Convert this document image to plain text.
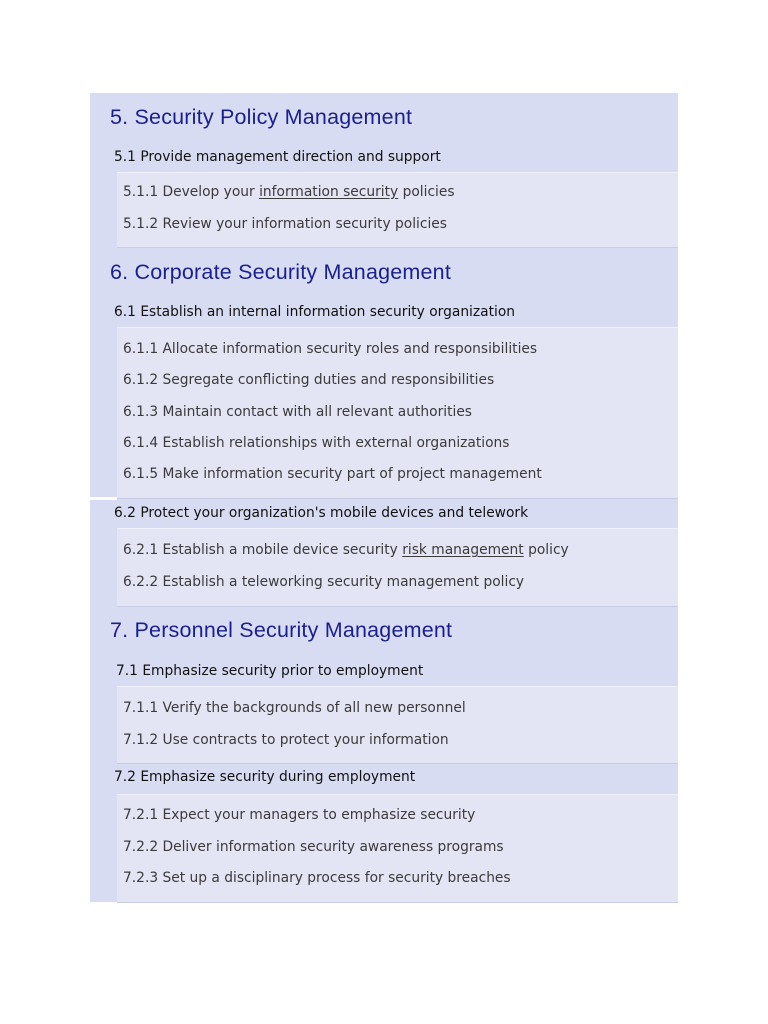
5. Security Policy Management
5.1 Provide management direction and support
5.1.1 Develop your information security policies
5.1.2 Review your information security policies
6. Corporate Security Management
6.1 Establish an internal information security organization
6.1.1 Allocate information security roles and responsibilities
6.1.2 Segregate conflicting duties and responsibilities
6.1.3 Maintain contact with all relevant authorities
6.1.4 Establish relationships with external organizations
6.1.5 Make information security part of project management
6.2 Protect your organization's mobile devices and telework
6.2.1 Establish a mobile device security risk management policy
6.2.2 Establish a teleworking security management policy
7. Personnel Security Management
7.1 Emphasize security prior to employment
7.1.1 Verify the backgrounds of all new personnel
7.1.2 Use contracts to protect your information
7.2 Emphasize security during employment
7.2.1 Expect your managers to emphasize security
7.2.2 Deliver information security awareness programs
7.2.3 Set up a disciplinary process for security breaches
